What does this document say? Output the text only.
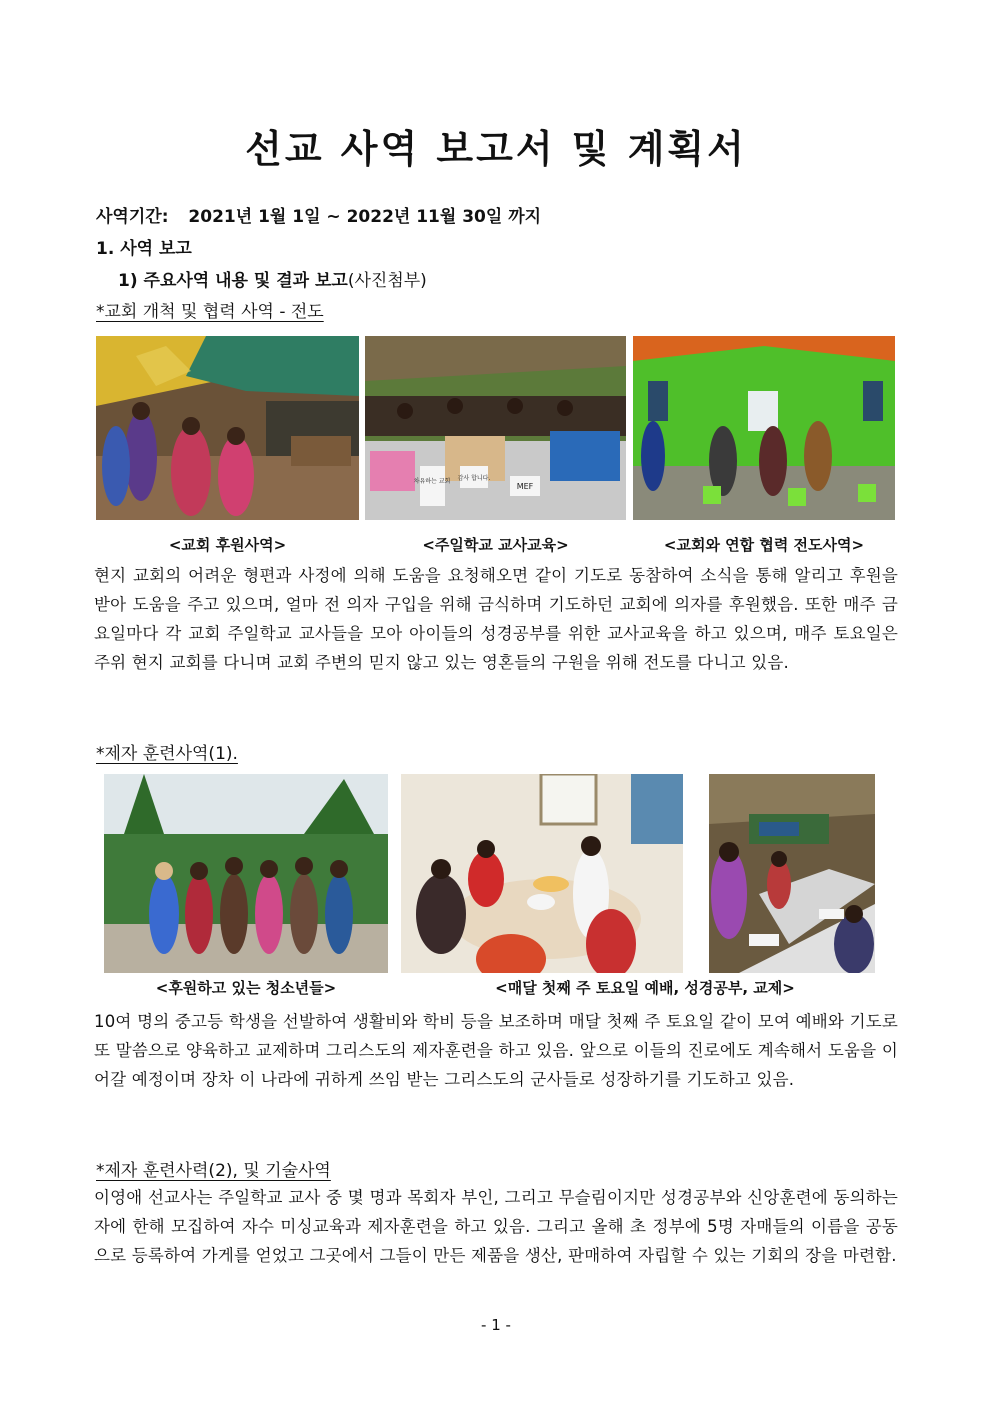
선교 사역 보고서 및 계획서
사역기간: 2021년 1월 1일 ~ 2022년 11월 30일 까지
1. 사역 보고
1) 주요사역 내용 및 결과 보고(사진첨부)
*교회 개척 및 협력 사역 - 전도
차유하는 교회 감사 합니다.
MEF
<교회 후원사역>	<주일학교 교사교육>	<교회와 연합 협력 전도사역>
현지 교회의 어려운 형편과 사정에 의해 도움을 요청해오면 같이 기도로 동참하여 소식을 통해 알리고 후원을 받아 도움을 주고 있으며, 얼마 전 의자 구입을 위해 금식하며 기도하던 교회에 의자를 후원했음. 또한 매주 금요일마다 각 교회 주일학교 교사들을 모아 아이들의 성경공부를 위한 교사교육을 하고 있으며, 매주 토요일은 주위 현지 교회를 다니며 교회 주변의 믿지 않고 있는 영혼들의 구원을 위해 전도를 다니고 있음.
*제자 훈련사역(1).
<후원하고 있는 청소년들>	<매달 첫째 주 토요일 예배, 성경공부, 교제>
10여 명의 중고등 학생을 선발하여 생활비와 학비 등을 보조하며 매달 첫째 주 토요일 같이 모여 예배와 기도로 또 말씀으로 양육하고 교제하며 그리스도의 제자훈련을 하고 있음. 앞으로 이들의 진로에도 계속해서 도움을 이어갈 예정이며 장차 이 나라에 귀하게 쓰임 받는 그리스도의 군사들로 성장하기를 기도하고 있음.
*제자 훈련사력(2), 및 기술사역
이영애 선교사는 주일학교 교사 중 몇 명과 목회자 부인, 그리고 무슬림이지만 성경공부와 신앙훈련에 동의하는 자에 한해 모집하여 자수 미싱교육과 제자훈련을 하고 있음. 그리고 올해 초 정부에 5명 자매들의 이름을 공동으로 등록하여 가게를 얻었고 그곳에서 그들이 만든 제품을 생산, 판매하여 자립할 수 있는 기회의 장을 마련함.
- 1 -
